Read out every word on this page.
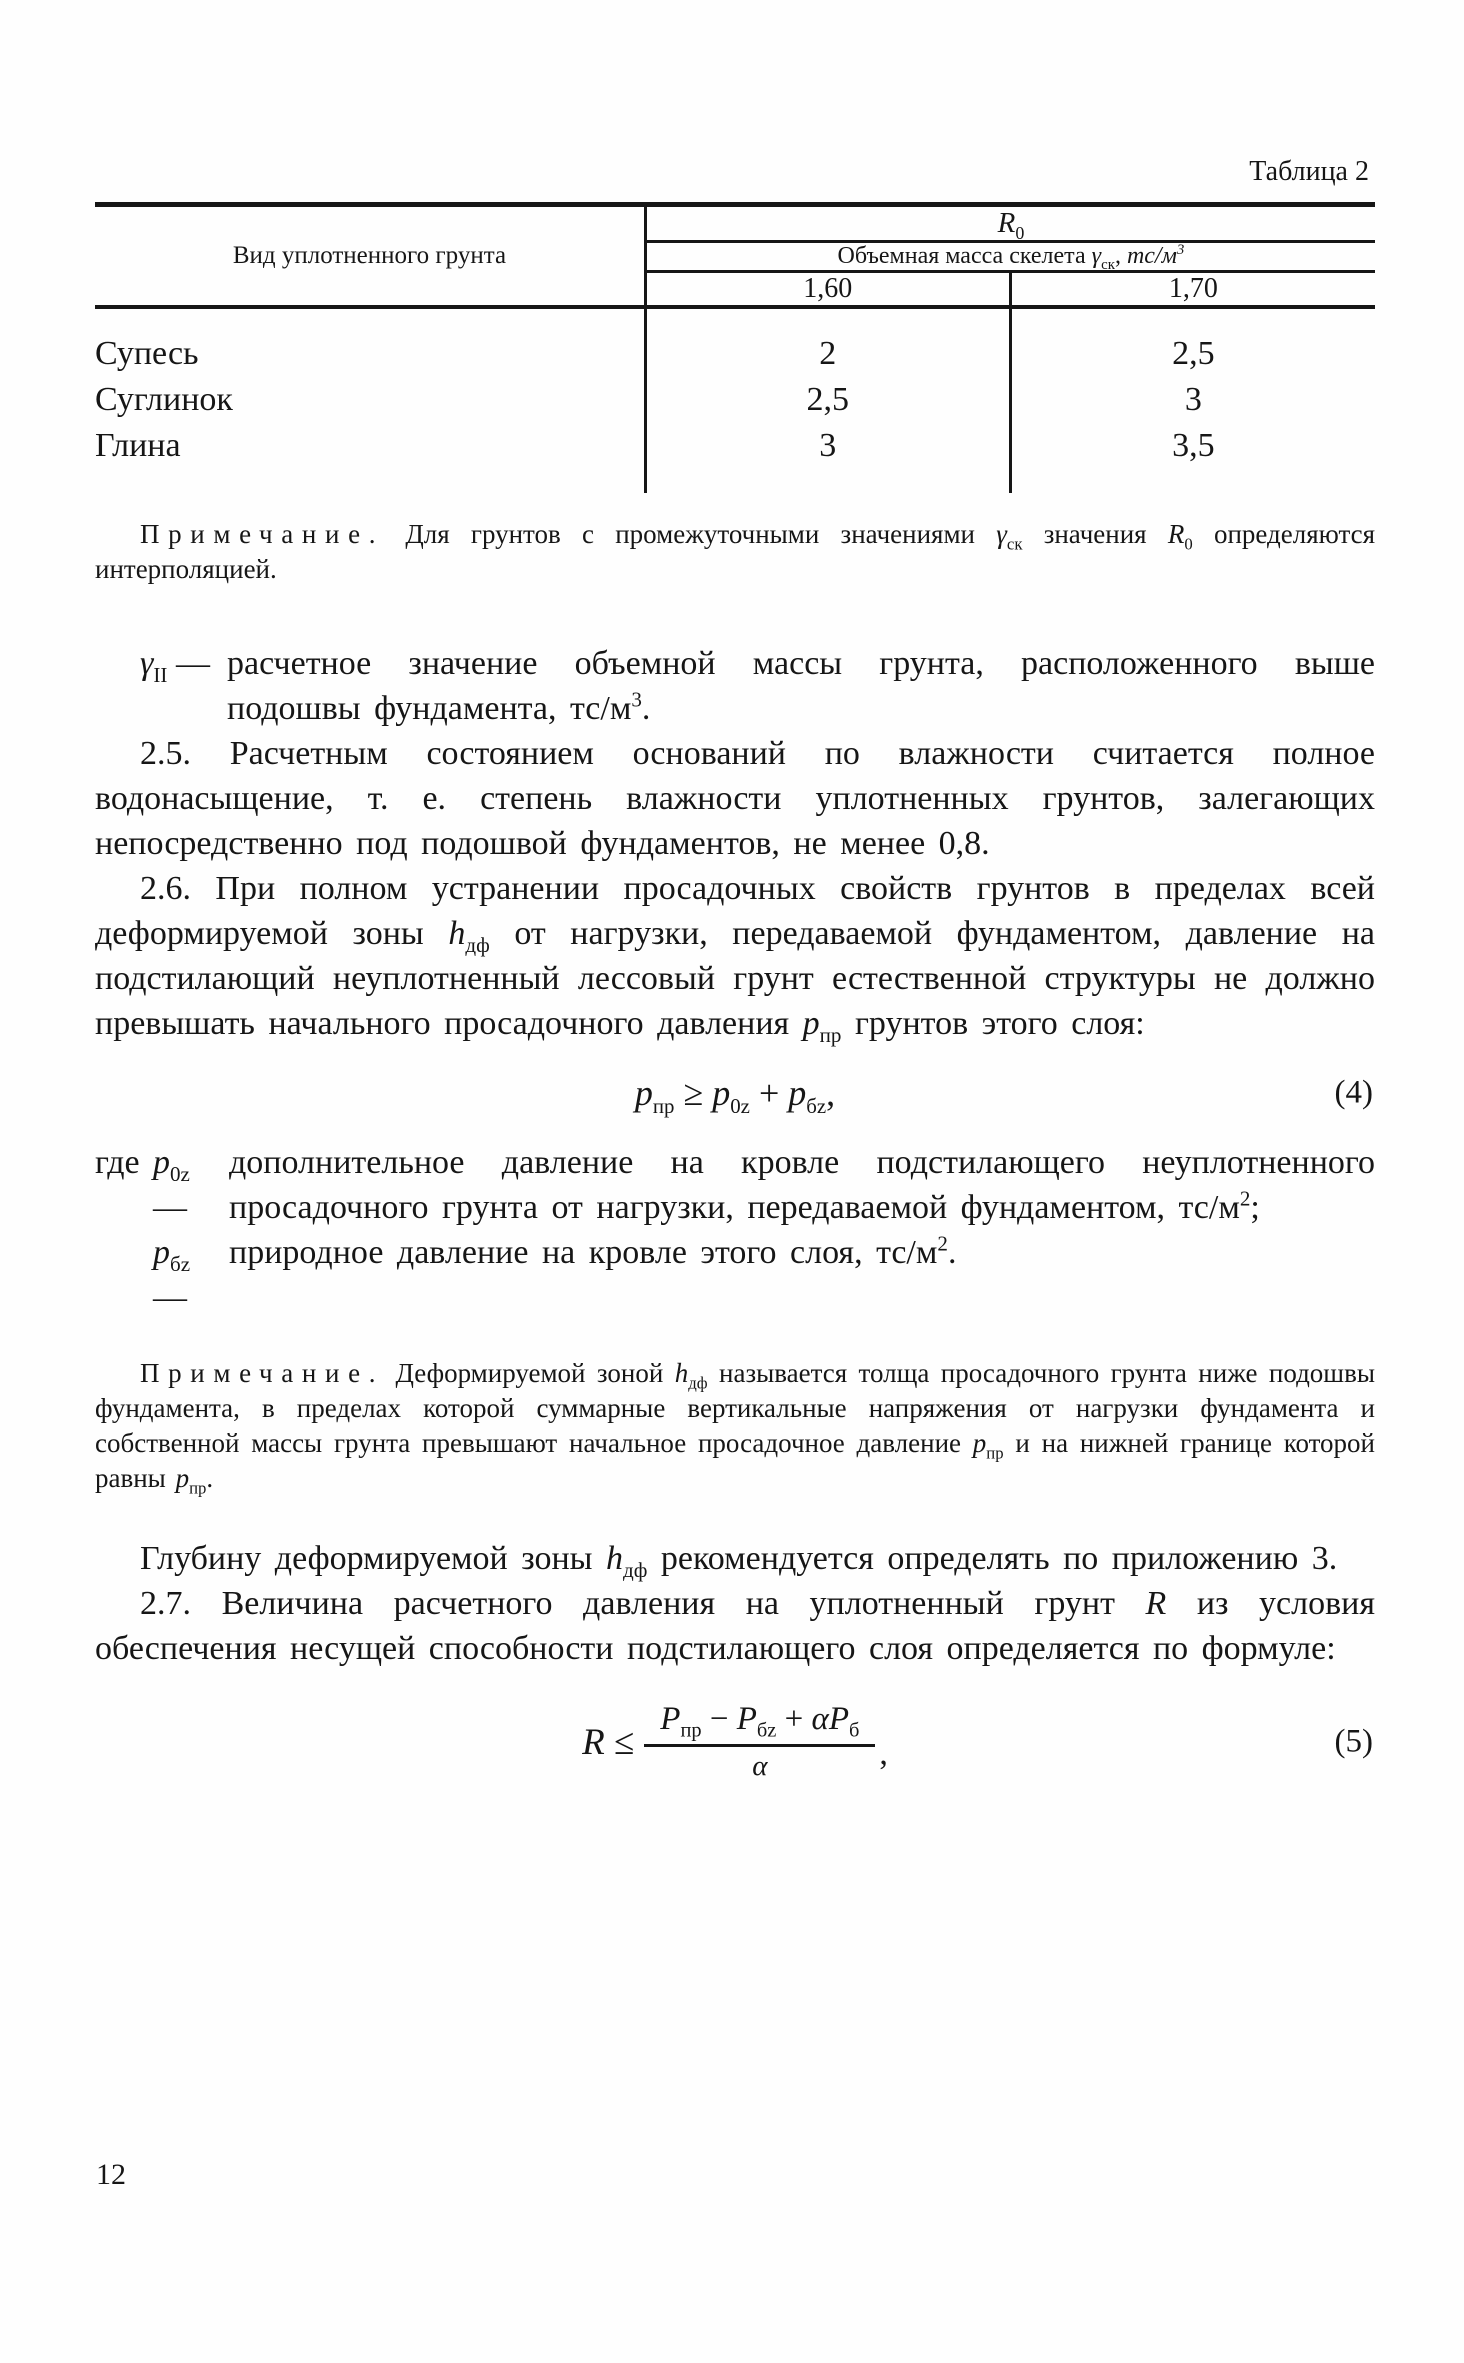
Таблица 2
Вид уплотненного грунта	$R_0$
	Объемная масса скелета $\gamma_{ск}$, $тс/м^3$
	1,60	1,70
Супесь	2	2,5
Суглинок	2,5	3
Глина	3	3,5

Примечание. Для грунтов с промежуточными значениями $\gamma_{ск}$ значения $R_0$ определяются интерполяцией.

$\gamma_{II}$ — расчетное значение объемной массы грунта, расположенного выше подошвы фундамента, $тс/м^3$.

2.5. Расчетным состоянием оснований по влажности считается полное водонасыщение, т. е. степень влажности уплотненных грунтов, залегающих непосредственно под подошвой фундаментов, не менее 0,8.

2.6. При полном устранении просадочных свойств грунтов в пределах всей деформируемой зоны $h_{дф}$ от нагрузки, передаваемой фундаментом, давление на подстилающий неуплотненный лессовый грунт естественной структуры не должно превышать начального просадочного давления $p_{пр}$ грунтов этого слоя:

$p_{пр} \ge p_{0z} + p_{бz}$,	(4)
где $p_{0z}$ —
дополнительное давление на кровле подстилающего неуплотненного просадочного грунта от нагрузки, передаваемой фундаментом, $тс/м^2$;
$p_{бz}$ —
природное давление на кровле этого слоя, $тс/м^2$.

Примечание. Деформируемой зоной $h_{дф}$ называется толща просадочного грунта ниже подошвы фундамента, в пределах которой суммарные вертикальные напряжения от нагрузки фундамента и собственной массы грунта превышают начальное просадочное давление $p_{пр}$ и на нижней границе которой равны $p_{пр}$.

Глубину деформируемой зоны $h_{дф}$ рекомендуется определять по приложению 3.

2.7. Величина расчетного давления на уплотненный грунт R из условия обеспечения несущей способности подстилающего слоя определяется по формуле:

$R \le \frac{P_{пр} - P_{бz} + \alpha P_б}{\alpha}$ ,	(5)
12
